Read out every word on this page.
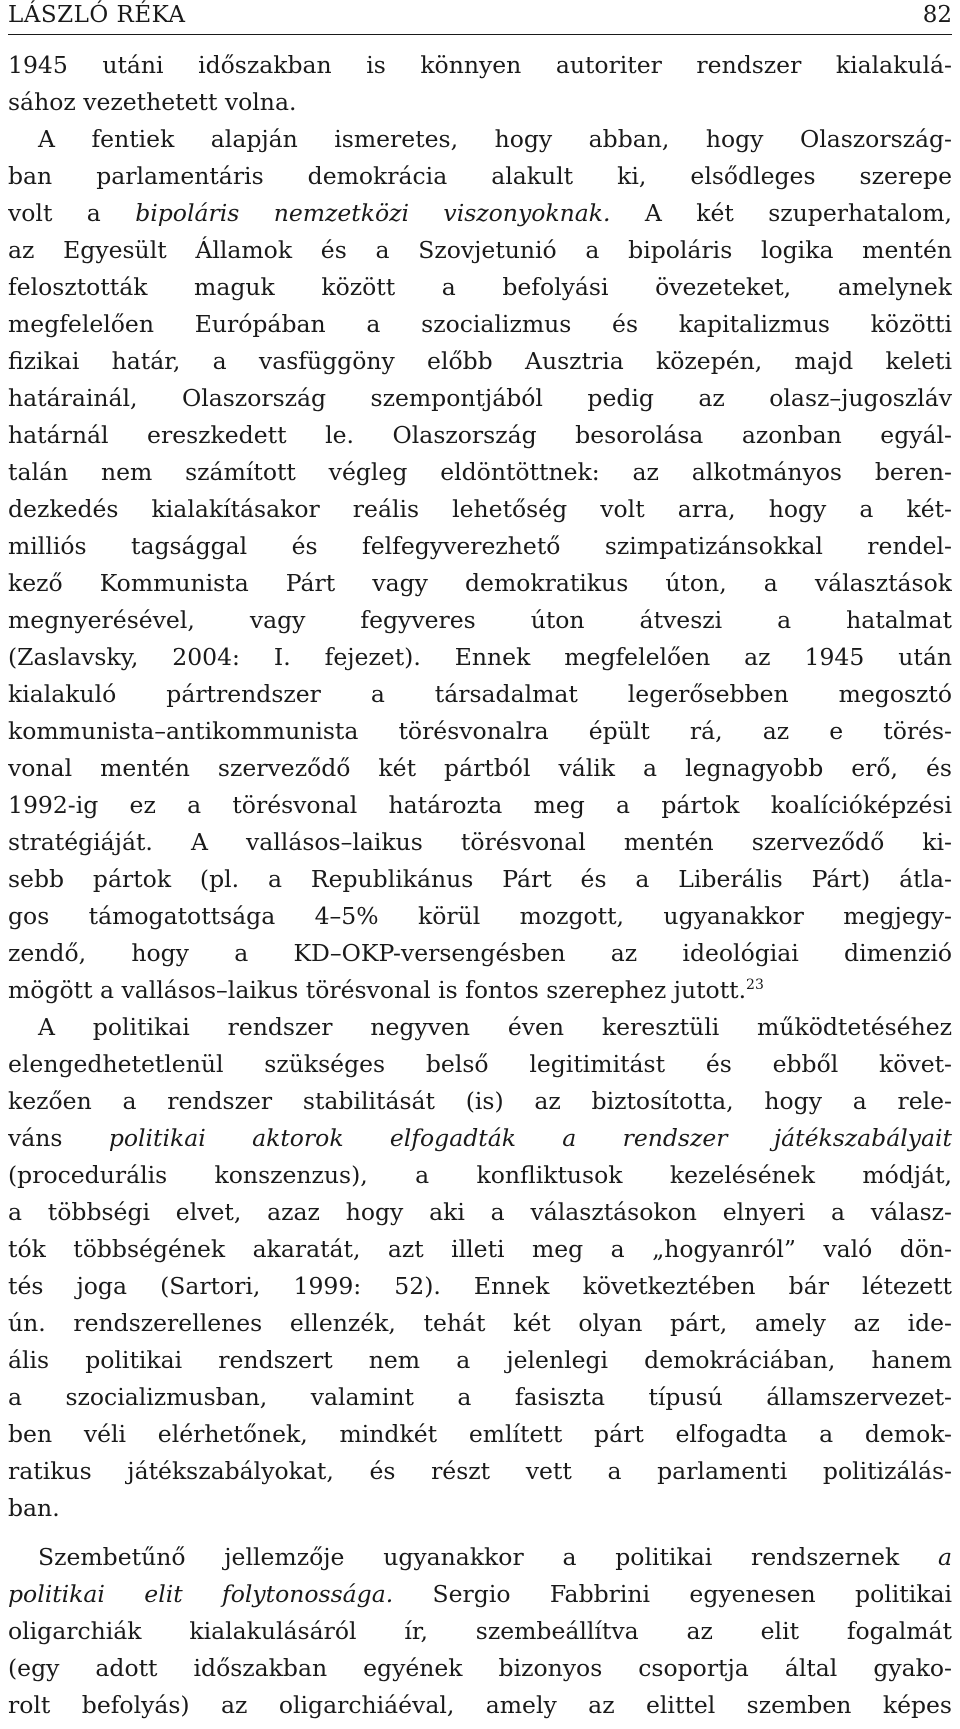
LÁSZLÓ RÉKA	82
1945 utáni időszakban is könnyen autoriter rendszer kialakulá-
sához vezethetett volna.
A fentiek alapján ismeretes, hogy abban, hogy Olaszország-
ban parlamentáris demokrácia alakult ki, elsődleges szerepe
volt a bipoláris nemzetközi viszonyoknak. A két szuperhatalom,
az Egyesült Államok és a Szovjetunió a bipoláris logika mentén
felosztották maguk között a befolyási övezeteket, amelynek
megfelelően Európában a szocializmus és kapitalizmus közötti
fizikai határ, a vasfüggöny előbb Ausztria közepén, majd keleti
határainál, Olaszország szempontjából pedig az olasz–jugoszláv
határnál ereszkedett le. Olaszország besorolása azonban egyál-
talán nem számított végleg eldöntöttnek: az alkotmányos beren-
dezkedés kialakításakor reális lehetőség volt arra, hogy a két-
milliós tagsággal és felfegyverezhető szimpatizánsokkal rendel-
kező Kommunista Párt vagy demokratikus úton, a választások
megnyerésével, vagy fegyveres úton átveszi a hatalmat
(Zaslavsky, 2004: I. fejezet). Ennek megfelelően az 1945 után
kialakuló pártrendszer a társadalmat legerősebben megosztó
kommunista–antikommunista törésvonalra épült rá, az e törés-
vonal mentén szerveződő két pártból válik a legnagyobb erő, és
1992-ig ez a törésvonal határozta meg a pártok koalícióképzési
stratégiáját. A vallásos–laikus törésvonal mentén szerveződő ki-
sebb pártok (pl. a Republikánus Párt és a Liberális Párt) átla-
gos támogatottsága 4–5% körül mozgott, ugyanakkor megjegy-
zendő, hogy a KD–OKP-versengésben az ideológiai dimenzió
mögött a vallásos–laikus törésvonal is fontos szerephez jutott.$^{23}$
A politikai rendszer negyven éven keresztüli működtetéséhez
elengedhetetlenül szükséges belső legitimitást és ebből követ-
kezően a rendszer stabilitását (is) az biztosította, hogy a rele-
váns politikai aktorok elfogadták a rendszer játékszabályait
(procedurális konszenzus), a konfliktusok kezelésének módját,
a többségi elvet, azaz hogy aki a választásokon elnyeri a válasz-
tók többségének akaratát, azt illeti meg a „hogyanról” való dön-
tés joga (Sartori, 1999: 52). Ennek következtében bár létezett
ún. rendszerellenes ellenzék, tehát két olyan párt, amely az ide-
ális politikai rendszert nem a jelenlegi demokráciában, hanem
a szocializmusban, valamint a fasiszta típusú államszervezet-
ben véli elérhetőnek, mindkét említett párt elfogadta a demok-
ratikus játékszabályokat, és részt vett a parlamenti politizálás-
ban.
Szembetűnő jellemzője ugyanakkor a politikai rendszernek a
politikai elit folytonossága. Sergio Fabbrini egyenesen politikai
oligarchiák kialakulásáról ír, szembeállítva az elit fogalmát
(egy adott időszakban egyének bizonyos csoportja által gyako-
rolt befolyás) az oligarchiáéval, amely az elittel szemben képes
